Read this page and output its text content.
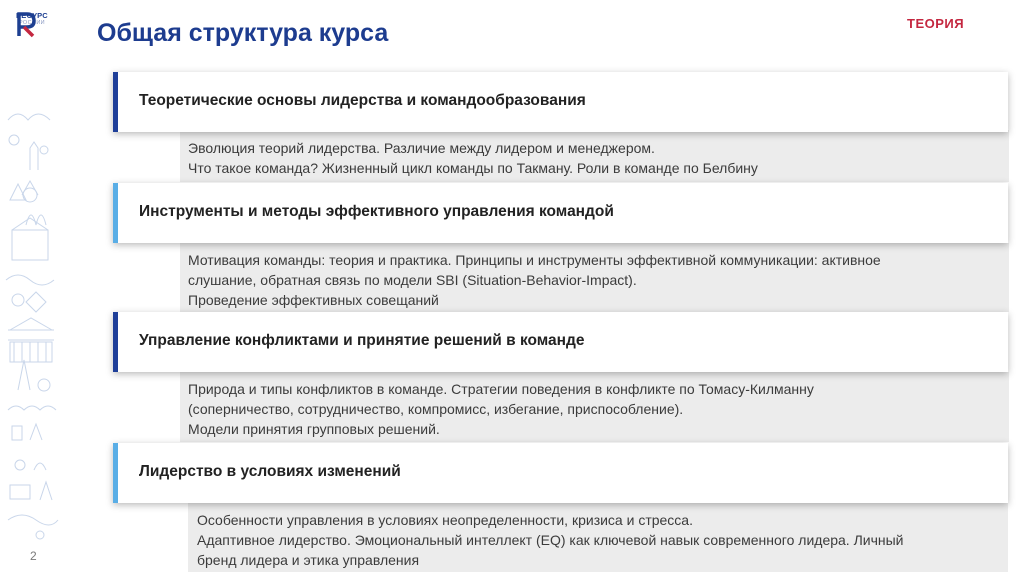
РЕСУРС
РОССИИ
2
Общая структура курса	ТЕОРИЯ
Эволюция теорий лидерства. Различие между лидером и менеджером.
Что такое команда? Жизненный цикл команды по Такману. Роли в команде по Белбину
Теоретические основы лидерства и командообразования
Мотивация команды: теория и практика. Принципы и инструменты эффективной коммуникации: активное
слушание, обратная связь по модели SBI (Situation-Behavior-Impact).
Проведение эффективных совещаний
Инструменты и методы эффективного управления командой
Природа и типы конфликтов в команде. Стратегии поведения в конфликте по Томасу-Килманну
(соперничество, сотрудничество, компромисс, избегание, приспособление).
Модели принятия групповых решений.
Управление конфликтами и принятие решений в команде
Особенности управления в условиях неопределенности, кризиса и стресса.
Адаптивное лидерство. Эмоциональный интеллект (EQ) как ключевой навык современного лидера. Личный
бренд лидера и этика управления
Лидерство в условиях изменений
